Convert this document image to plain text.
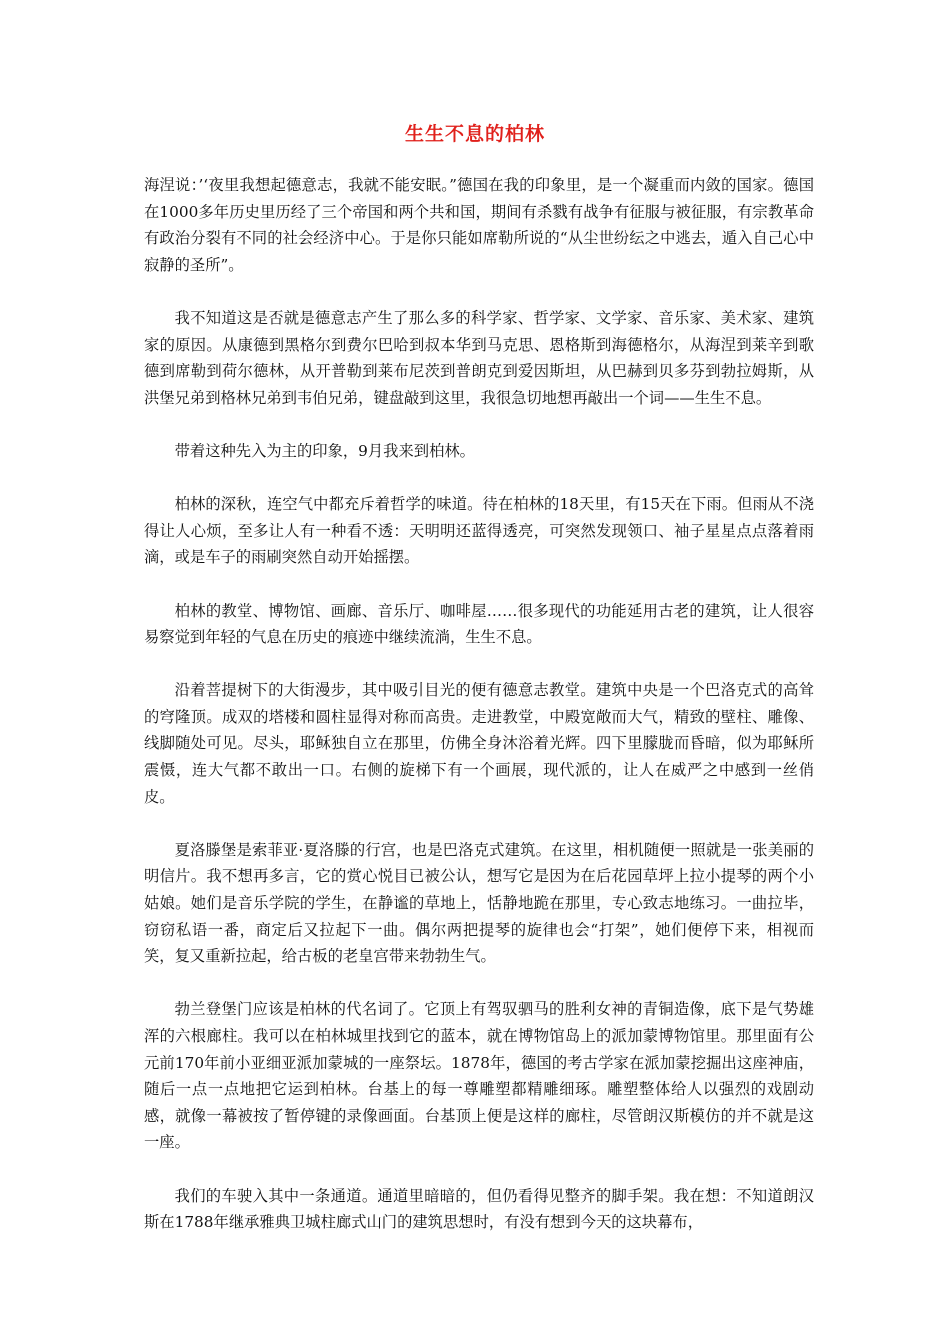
生生不息的柏林

海涅说：’‘夜里我想起德意志，我就不能安眠。”德国在我的印象里，是一个凝重而内敛的国家。德国在1000多年历史里历经了三个帝国和两个共和国，期间有杀戮有战争有征服与被征服，有宗教革命有政治分裂有不同的社会经济中心。于是你只能如席勒所说的“从尘世纷纭之中逃去，遁入自己心中寂静的圣所”。

我不知道这是否就是德意志产生了那么多的科学家、哲学家、文学家、音乐家、美术家、建筑家的原因。从康德到黑格尔到费尔巴哈到叔本华到马克思、恩格斯到海德格尔，从海涅到莱辛到歌德到席勒到荷尔德林，从开普勒到莱布尼茨到普朗克到爱因斯坦，从巴赫到贝多芬到勃拉姆斯，从洪堡兄弟到格林兄弟到韦伯兄弟，键盘敲到这里，我很急切地想再敲出一个词——生生不息。

带着这种先入为主的印象，9月我来到柏林。

柏林的深秋，连空气中都充斥着哲学的味道。待在柏林的18天里，有15天在下雨。但雨从不浇得让人心烦，至多让人有一种看不透：天明明还蓝得透亮，可突然发现领口、袖子星星点点落着雨滴，或是车子的雨刷突然自动开始摇摆。

柏林的教堂、博物馆、画廊、音乐厅、咖啡屋……很多现代的功能延用古老的建筑，让人很容易察觉到年轻的气息在历史的痕迹中继续流淌，生生不息。

沿着菩提树下的大街漫步，其中吸引目光的便有德意志教堂。建筑中央是一个巴洛克式的高耸的穹隆顶。成双的塔楼和圆柱显得对称而高贵。走进教堂，中殿宽敞而大气，精致的壁柱、雕像、线脚随处可见。尽头，耶稣独自立在那里，仿佛全身沐浴着光辉。四下里朦胧而昏暗，似为耶稣所震慑，连大气都不敢出一口。右侧的旋梯下有一个画展，现代派的，让人在威严之中感到一丝俏皮。

夏洛滕堡是索菲亚·夏洛滕的行宫，也是巴洛克式建筑。在这里，相机随便一照就是一张美丽的明信片。我不想再多言，它的赏心悦目已被公认，想写它是因为在后花园草坪上拉小提琴的两个小姑娘。她们是音乐学院的学生，在静谧的草地上，恬静地跪在那里，专心致志地练习。一曲拉毕，窃窃私语一番，商定后又拉起下一曲。偶尔两把提琴的旋律也会“打架”，她们便停下来，相视而笑，复又重新拉起，给古板的老皇宫带来勃勃生气。

勃兰登堡门应该是柏林的代名词了。它顶上有驾驭驷马的胜利女神的青铜造像，底下是气势雄浑的六根廊柱。我可以在柏林城里找到它的蓝本，就在博物馆岛上的派加蒙博物馆里。那里面有公元前170年前小亚细亚派加蒙城的一座祭坛。1878年，德国的考古学家在派加蒙挖掘出这座神庙，随后一点一点地把它运到柏林。台基上的每一尊雕塑都精雕细琢。雕塑整体给人以强烈的戏剧动感，就像一幕被按了暂停键的录像画面。台基顶上便是这样的廊柱，尽管朗汉斯模仿的并不就是这一座。

我们的车驶入其中一条通道。通道里暗暗的，但仍看得见整齐的脚手架。我在想：不知道朗汉斯在1788年继承雅典卫城柱廊式山门的建筑思想时，有没有想到今天的这块幕布，
